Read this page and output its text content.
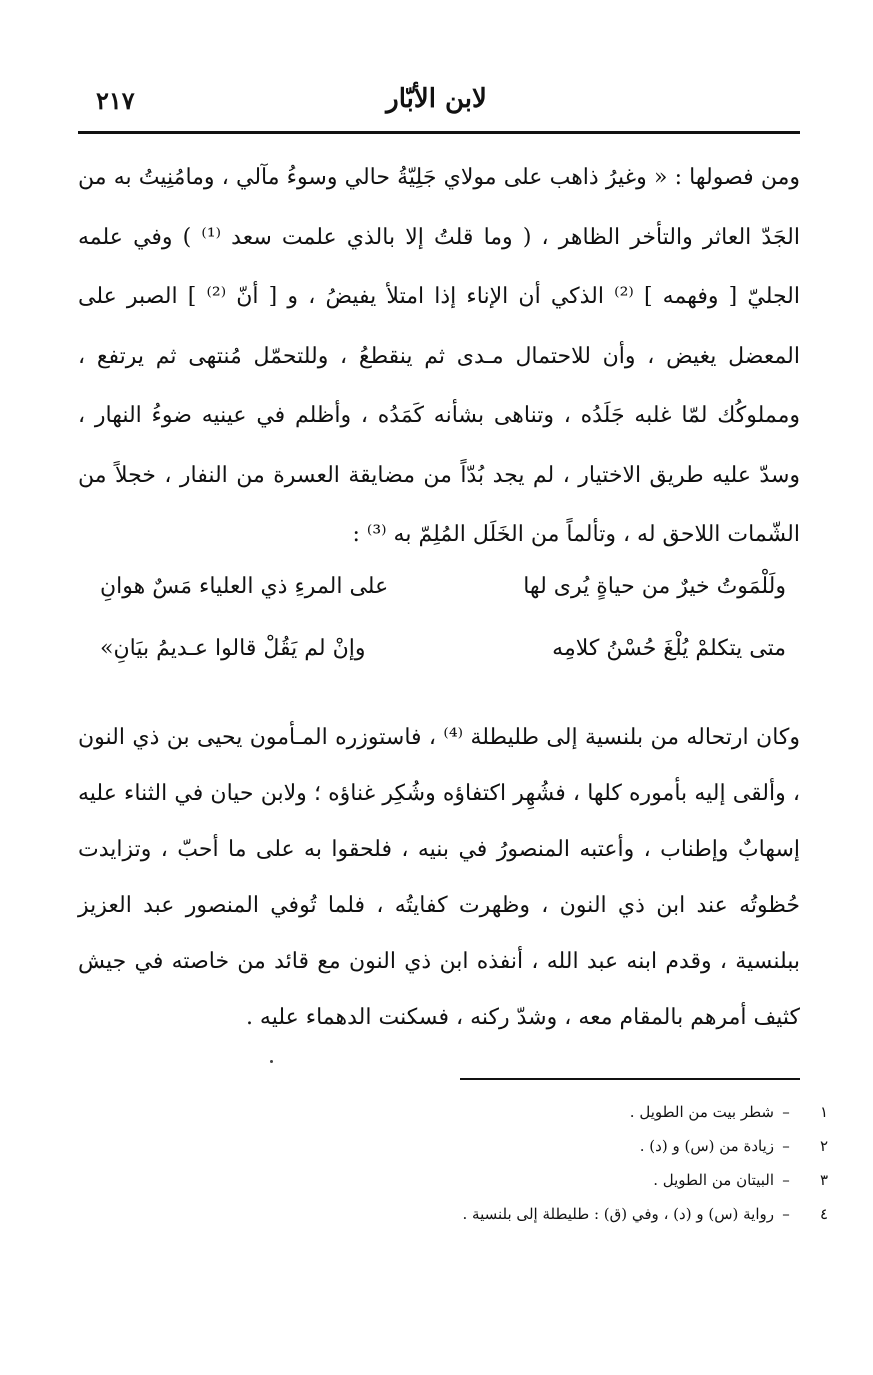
لابن الأبّار
٢١٧

ومن فصولها : « وغيرُ ذاهب على مولاي جَلِيّةُ حالي وسوءُ مآلي ، ومامُنِيتُ به من الجَدّ العاثر والتأخر الظاهر ، ( وما قلتُ إلا بالذي علمت سعد ⁽¹⁾ ) وفي علمه الجليّ [ وفهمه ] ⁽²⁾ الذكي أن الإناء إذا امتلأ يفيضُ ، و [ أنّ ⁽²⁾ ] الصبر على المعضل يغيض ، وأن للاحتمال مـدى ثم ينقطعُ ، وللتحمّل مُنتهى ثم يرتفع ، ومملوكُك لمّا غلبه جَلَدُه ، وتناهى بشأنه كَمَدُه ، وأظلم في عينيه ضوءُ النهار ، وسدّ عليه طريق الاختيار ، لم يجد بُدّاً من مضايقة العسرة من النفار ، خجلاً من الشّمات اللاحق له ، وتألماً من الخَلَل المُلِمّ به ⁽³⁾ :

ولَلْمَوتُ خيرٌ من حياةٍ يُرى لها
على المرءِ ذي العلياء مَسٌ هوانِ
متى يتكلمْ يُلْغَ حُسْنُ كلامِه
وإنْ لم يَقُلْ قالوا عـديمُ بيَانِ»

وكان ارتحاله من بلنسية إلى طليطلة ⁽⁴⁾ ، فاستوزره المـأمون يحيى بن ذي النون ، وألقى إليه بأموره كلها ، فشُهِر اكتفاؤه وشُكِر غناؤه ؛ ولابن حيان في الثناء عليه إسهابٌ وإطناب ، وأعتبه المنصورُ في بنيه ، فلحقوا به على ما أحبّ ، وتزايدت حُظوتُه عند ابن ذي النون ، وظهرت كفايتُه ، فلما تُوفي المنصور عبد العزيز ببلنسية ، وقدم ابنه عبد الله ، أنفذه ابن ذي النون مع قائد من خاصته في جيش كثيف أمرهم بالمقام معه ، وشدّ ركنه ، فسكنت الدهماء عليه .

١
–
شطر بيت من الطويل .
٢
–
زيادة من (س) و (د) .
٣
–
البيتان من الطويل .
٤
–
رواية (س) و (د) ، وفي (ق) : طليطلة إلى بلنسية .
